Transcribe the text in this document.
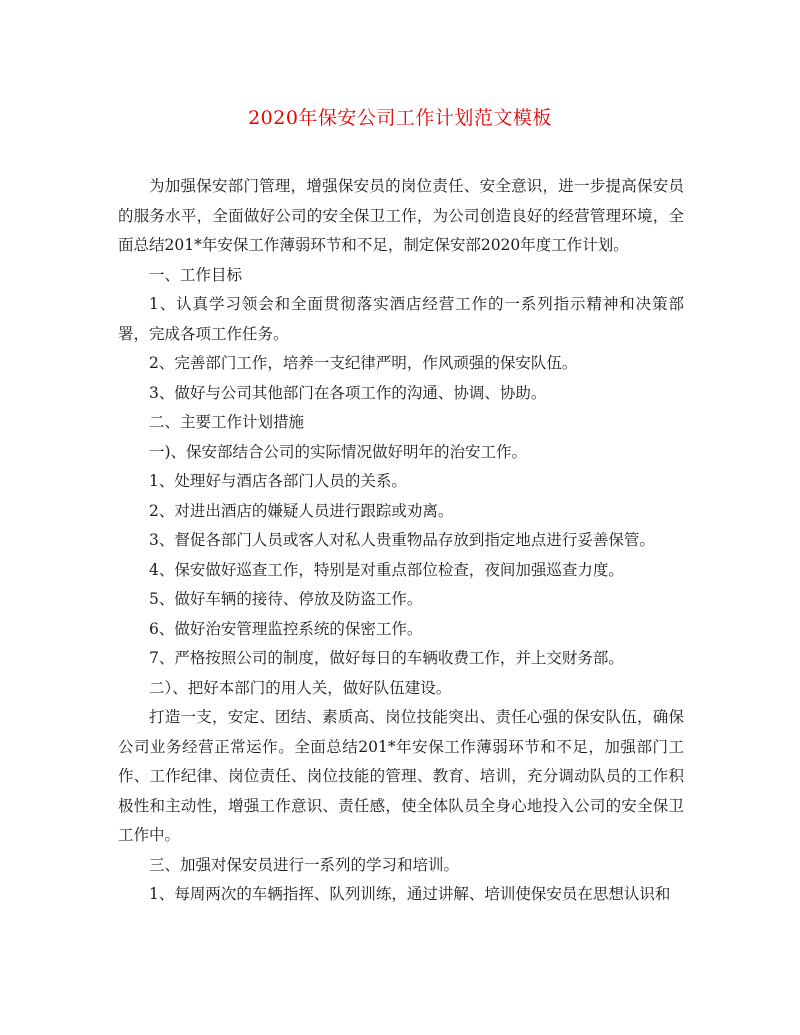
2020年保安公司工作计划范文模板

为加强保安部门管理，增强保安员的岗位责任、安全意识，进一步提高保安员的服务水平，全面做好公司的安全保卫工作，为公司创造良好的经营管理环境，全面总结201*年安保工作薄弱环节和不足，制定保安部2020年度工作计划。

一、工作目标

1、认真学习领会和全面贯彻落实酒店经营工作的一系列指示精神和决策部署，完成各项工作任务。

2、完善部门工作，培养一支纪律严明，作风顽强的保安队伍。

3、做好与公司其他部门在各项工作的沟通、协调、协助。

二、主要工作计划措施

一)、保安部结合公司的实际情况做好明年的治安工作。

1、处理好与酒店各部门人员的关系。

2、对进出酒店的嫌疑人员进行跟踪或劝离。

3、督促各部门人员或客人对私人贵重物品存放到指定地点进行妥善保管。

4、保安做好巡查工作，特别是对重点部位检查，夜间加强巡查力度。

5、做好车辆的接待、停放及防盗工作。

6、做好治安管理监控系统的保密工作。

7、严格按照公司的制度，做好每日的车辆收费工作，并上交财务部。

二）、把好本部门的用人关，做好队伍建设。

打造一支，安定、团结、素质高、岗位技能突出、责任心强的保安队伍，确保公司业务经营正常运作。全面总结201*年安保工作薄弱环节和不足，加强部门工作、工作纪律、岗位责任、岗位技能的管理、教育、培训，充分调动队员的工作积极性和主动性，增强工作意识、责任感，使全体队员全身心地投入公司的安全保卫工作中。

三、加强对保安员进行一系列的学习和培训。

1、每周两次的车辆指挥、队列训练，通过讲解、培训使保安员在思想认识和
